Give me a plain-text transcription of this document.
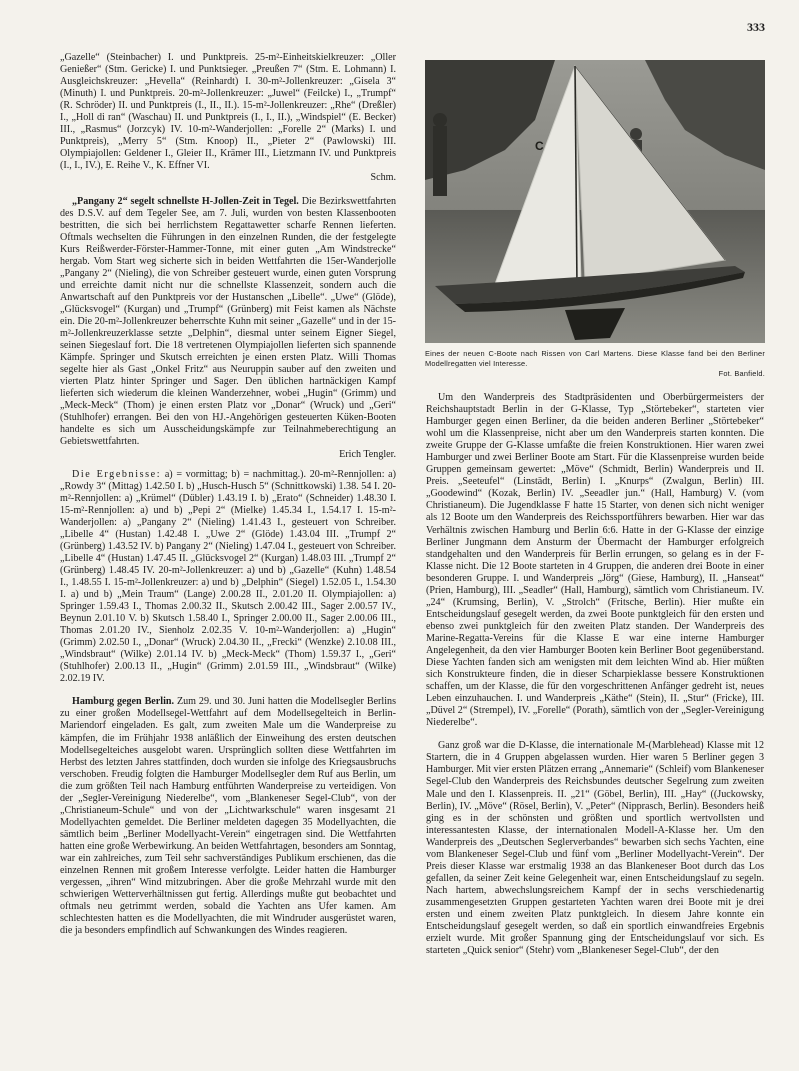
333

„Gazelle“ (Steinbacher) I. und Punktpreis. 25-m²-Einheitskielkreuzer: „Oller Genießer“ (Stm. Gericke) I. und Punktsieger. „Preußen 7“ (Stm. E. Lohmann) I. Ausgleichskreuzer: „Hevella“ (Reinhardt) I. 30-m²-Jollenkreuzer: „Gisela 3“ (Minuth) I. und Punktpreis. 20-m²-Jollenkreuzer: „Juwel“ (Feilcke) I., „Trumpf“ (R. Schröder) II. und Punktpreis (I., II., II.). 15-m²-Jollenkreuzer: „Rhe“ (Dreßler) I., „Holl di ran“ (Waschau) II. und Punktpreis (I., I., II.), „Windspiel“ (E. Becker) III., „Rasmus“ (Jorzcyk) IV. 10-m²-Wanderjollen: „Forelle 2“ (Marks) I. und Punktpreis), „Merry 5“ (Stm. Knoop) II., „Pieter 2“ (Pawlowski) III. Olympiajollen: Geldener I., Gleier II., Krämer III., Lietzmann IV. und Punktpreis (I., I., IV.), E. Reihe V., K. Effner VI.

Schm.

„Pangany 2“ segelt schnellste H-Jollen-Zeit in Tegel. Die Bezirkswettfahrten des D.S.V. auf dem Tegeler See, am 7. Juli, wurden von besten Klassenbooten bestritten, die sich bei herrlichstem Regattawetter scharfe Rennen lieferten. Oftmals wechselten die Führungen in den einzelnen Runden, die der festgelegte Kurs Reißwerder-Förster-Hammer-Tonne, mit einer guten „Am Windstrecke“ hergab. Vom Start weg sicherte sich in beiden Wettfahrten die 15er-Wanderjolle „Pangany 2“ (Nieling), die von Schreiber gesteuert wurde, einen guten Vorsprung und erreichte damit nicht nur die schnellste Klassenzeit, sondern auch die Anwartschaft auf den Punktpreis vor der Hustanschen „Libelle“. „Uwe“ (Glöde), „Glücksvogel“ (Kurgan) und „Trumpf“ (Grünberg) mit Feist kamen als Nächste ein. Die 20-m²-Jollenkreuzer beherrschte Kuhn mit seiner „Gazelle“ und in der 15-m²-Jollenkreuzerklasse setzte „Delphin“, diesmal unter seinem Eigner Siegel, seinen Siegeslauf fort. Die 18 vertretenen Olympiajollen lieferten sich spannende Kämpfe. Springer und Skutsch erreichten je einen ersten Platz. Willi Thomas segelte hier als Gast „Onkel Fritz“ aus Neuruppin sauber auf den zweiten und vierten Platz hinter Springer und Sager. Den üblichen hartnäckigen Kampf lieferten sich wiederum die kleinen Wanderzehner, wobei „Hugin“ (Grimm) und „Meck-Meck“ (Thom) je einen ersten Platz vor „Donar“ (Wruck) und „Geri“ (Stuhlhofer) errangen. Bei den von HJ.-Angehörigen gesteuerten Küken-Booten handelte es sich um Ausscheidungskämpfe zur Teilnahmeberechtigung an Gebietswettfahrten.

Erich Tengler.

Die Ergebnisse: a) = vormittag; b) = nachmittag.). 20-m²-Rennjollen: a) „Rowdy 3“ (Mittag) 1.42.50 I. b) „Husch-Husch 5“ (Schnittkowski) 1.38. 54 I. 20-m²-Rennjollen: a) „Krümel“ (Dübler) 1.43.19 I. b) „Erato“ (Schneider) 1.48.30 I. 15-m²-Rennjollen: a) und b) „Pepi 2“ (Mielke) 1.45.34 I., 1.54.17 I. 15-m²-Wanderjollen: a) „Pangany 2“ (Nieling) 1.41.43 I., gesteuert von Schreiber. „Libelle 4“ (Hustan) 1.42.48 I. „Uwe 2“ (Glöde) 1.43.04 III. „Trumpf 2“ (Grünberg) 1.43.52 IV. b) Pangany 2“ (Nieling) 1.47.04 I., gesteuert von Schreiber. „Libelle 4“ (Hustan) 1.47.45 II. „Glücksvogel 2“ (Kurgan) 1.48.03 III. „Trumpf 2“ (Grünberg) 1.48.45 IV. 20-m²-Jollenkreuzer: a) und b) „Gazelle“ (Kuhn) 1.48.54 I., 1.48.55 I. 15-m²-Jollenkreuzer: a) und b) „Delphin“ (Siegel) 1.52.05 I., 1.54.30 I. a) und b) „Mein Traum“ (Lange) 2.00.28 II., 2.01.20 II. Olympiajollen: a) Springer 1.59.43 I., Thomas 2.00.32 II., Skutsch 2.00.42 III., Sager 2.00.57 IV., Beynun 2.01.10 V. b) Skutsch 1.58.40 I., Springer 2.00.00 II., Sager 2.00.06 III., Thomas 2.01.20 IV., Sienholz 2.02.35 V. 10-m²-Wanderjollen: a) „Hugin“ (Grimm) 2.02.50 I., „Donar“ (Wruck) 2.04.30 II., „Frecki“ (Wenzke) 2.10.08 III., „Windsbraut“ (Wilke) 2.01.14 IV. b) „Meck-Meck“ (Thom) 1.59.37 I., „Geri“ (Stuhlhofer) 2.00.13 II., „Hugin“ (Grimm) 2.01.59 III., „Windsbraut“ (Wilke) 2.02.19 IV.

Hamburg gegen Berlin. Zum 29. und 30. Juni hatten die Modellsegler Berlins zu einer großen Modellsegel-Wettfahrt auf dem Modellsegelteich in Berlin-Mariendorf eingeladen. Es galt, zum zweiten Male um die Wanderpreise zu kämpfen, die im Frühjahr 1938 anläßlich der Einweihung des ersten deutschen Modellsegelteiches ausgelobt waren. Ursprünglich sollten diese Wettfahrten im Herbst des letzten Jahres stattfinden, doch wurden sie infolge des Kriegsausbruchs verschoben. Freudig folgten die Hamburger Modellsegler dem Ruf aus Berlin, um die zum größten Teil nach Hamburg entführten Wanderpreise zu verteidigen. Von der „Segler-Vereinigung Niederelbe“, vom „Blankeneser Segel-Club“, von der „Christianeum-Schule“ und von der „Lichtwarkschule“ waren insgesamt 21 Modellyachten gemeldet. Die Berliner meldeten dagegen 35 Modellyachten, die sämtlich beim „Berliner Modellyacht-Verein“ eingetragen sind. Die Wettfahrten hatten eine große Werbewirkung. An beiden Wettfahrtagen, besonders am Sonntag, war ein zahlreiches, zum Teil sehr sachverständiges Publikum erschienen, das die einzelnen Rennen mit großem Interesse verfolgte. Leider hatten die Hamburger vergessen, „ihren“ Wind mitzubringen. Aber die große Mehrzahl wurde mit den schwierigen Wetterverhältnissen gut fertig. Allerdings mußte gut beobachtet und oftmals neu getrimmt werden, sobald die Yachten ans Ufer kamen. Am schlechtesten hatten es die Modellyachten, die mit Windruder ausgerüstet waren, die ja besonders empfindlich auf Schwankungen des Windes reagieren.

C
Eines der neuen C-Boote nach Rissen von Carl Martens. Diese Klasse fand bei den Berliner Modellregatten viel Interesse.

Fot. Banfield.

Um den Wanderpreis des Stadtpräsidenten und Oberbürgermeisters der Reichshauptstadt Berlin in der G-Klasse, Typ „Störtebeker“, starteten vier Hamburger gegen einen Berliner, da die beiden anderen Berliner „Störtebeker“ wohl um die Klassenpreise, nicht aber um den Wanderpreis starten konnten. Die zweite Gruppe der G-Klasse umfaßte die freien Konstruktionen. Hier waren zwei Hamburger und zwei Berliner Boote am Start. Für die Klassenpreise wurden beide Gruppen gemeinsam gewertet: „Möve“ (Schmidt, Berlin) Wanderpreis und II. Preis. „Seeteufel“ (Linstädt, Berlin) I. „Knurps“ (Zwalgun, Berlin) III. „Goodewind“ (Kozak, Berlin) IV. „Seeadler jun.“ (Hall, Hamburg) V. (vom Christianeum). Die Jugendklasse F hatte 15 Starter, von denen sich nicht weniger als 12 Boote um den Wanderpreis des Reichssportführers bewarben. Hier war das Verhältnis zwischen Hamburg und Berlin 6:6. Hatte in der G-Klasse der einzige Berliner Jungmann dem Ansturm der Übermacht der Hamburger erfolgreich standgehalten und den Wanderpreis für Berlin errungen, so gelang es in der F-Klasse nicht. Die 12 Boote starteten in 4 Gruppen, die anderen drei Boote in einer besonderen Gruppe. I. und Wanderpreis „Jörg“ (Giese, Hamburg), II. „Hanseat“ (Prien, Hamburg), III. „Seadler“ (Hall, Hamburg), sämtlich vom Christianeum. IV. „24“ (Krumsing, Berlin), V. „Strolch“ (Fritsche, Berlin). Hier mußte ein Entscheidungslauf gesegelt werden, da zwei Boote punktgleich für den ersten und ebenso zwei punktgleich für den zweiten Platz standen. Der Wanderpreis des Marine-Regatta-Vereins für die Klasse E war eine interne Hamburger Angelegenheit, da den vier Hamburger Booten kein Berliner Boot gegenüberstand. Diese Yachten fanden sich am wenigsten mit dem leichten Wind ab. Hier müßten sich Konstrukteure finden, die in dieser Scharpieklasse bessere Konstruktionen schaffen, um der Klasse, die für den vorgeschrittenen Anfänger gedreht ist, neues Leben einzuhauchen. I. und Wanderpreis „Käthe“ (Stein), II. „Stur“ (Fricke), III. „Düvel 2“ (Strempel), IV. „Forelle“ (Porath), sämtlich von der „Segler-Vereinigung Niederelbe“.

Ganz groß war die D-Klasse, die internationale M-(Marblehead) Klasse mit 12 Startern, die in 4 Gruppen abgelassen wurden. Hier waren 5 Berliner gegen 3 Hamburger. Mit vier ersten Plätzen errang „Annemarie“ (Schleif) vom Blankeneser Segel-Club den Wanderpreis des Reichsbundes deutscher Segelrung zum zweiten Male und den I. Klassenpreis. II. „21“ (Göbel, Berlin), III. „Hay“ ((Juckowsky, Berlin), IV. „Möve“ (Rösel, Berlin), V. „Peter“ (Nipprasch, Berlin). Besonders heiß ging es in der schönsten und größten und sportlich wertvollsten und interessantesten Klasse, der internationalen Modell-A-Klasse her. Um den Wanderpreis des „Deutschen Seglerverbandes“ bewarben sich sechs Yachten, eine vom Blankeneser Segel-Club und fünf vom „Berliner Modellyacht-Verein“. Der Preis dieser Klasse war erstmalig 1938 an das Blankeneser Boot durch das Los gefallen, da seiner Zeit keine Gelegenheit war, einen Entscheidungslauf zu segeln. Nach hartem, abwechslungsreichem Kampf der in sechs verschiedenartig zusammengesetzten Gruppen gestarteten Yachten waren drei Boote mit je drei ersten und einem zweiten Platz punktgleich. In diesem Jahre konnte ein Entscheidungslauf gesegelt werden, so daß ein sportlich einwandfreies Ergebnis erzielt wurde. Mit großer Spannung ging der Entscheidungslauf vor sich. Es starteten „Quick senior“ (Stehr) vom „Blankeneser Segel-Club“, der den
